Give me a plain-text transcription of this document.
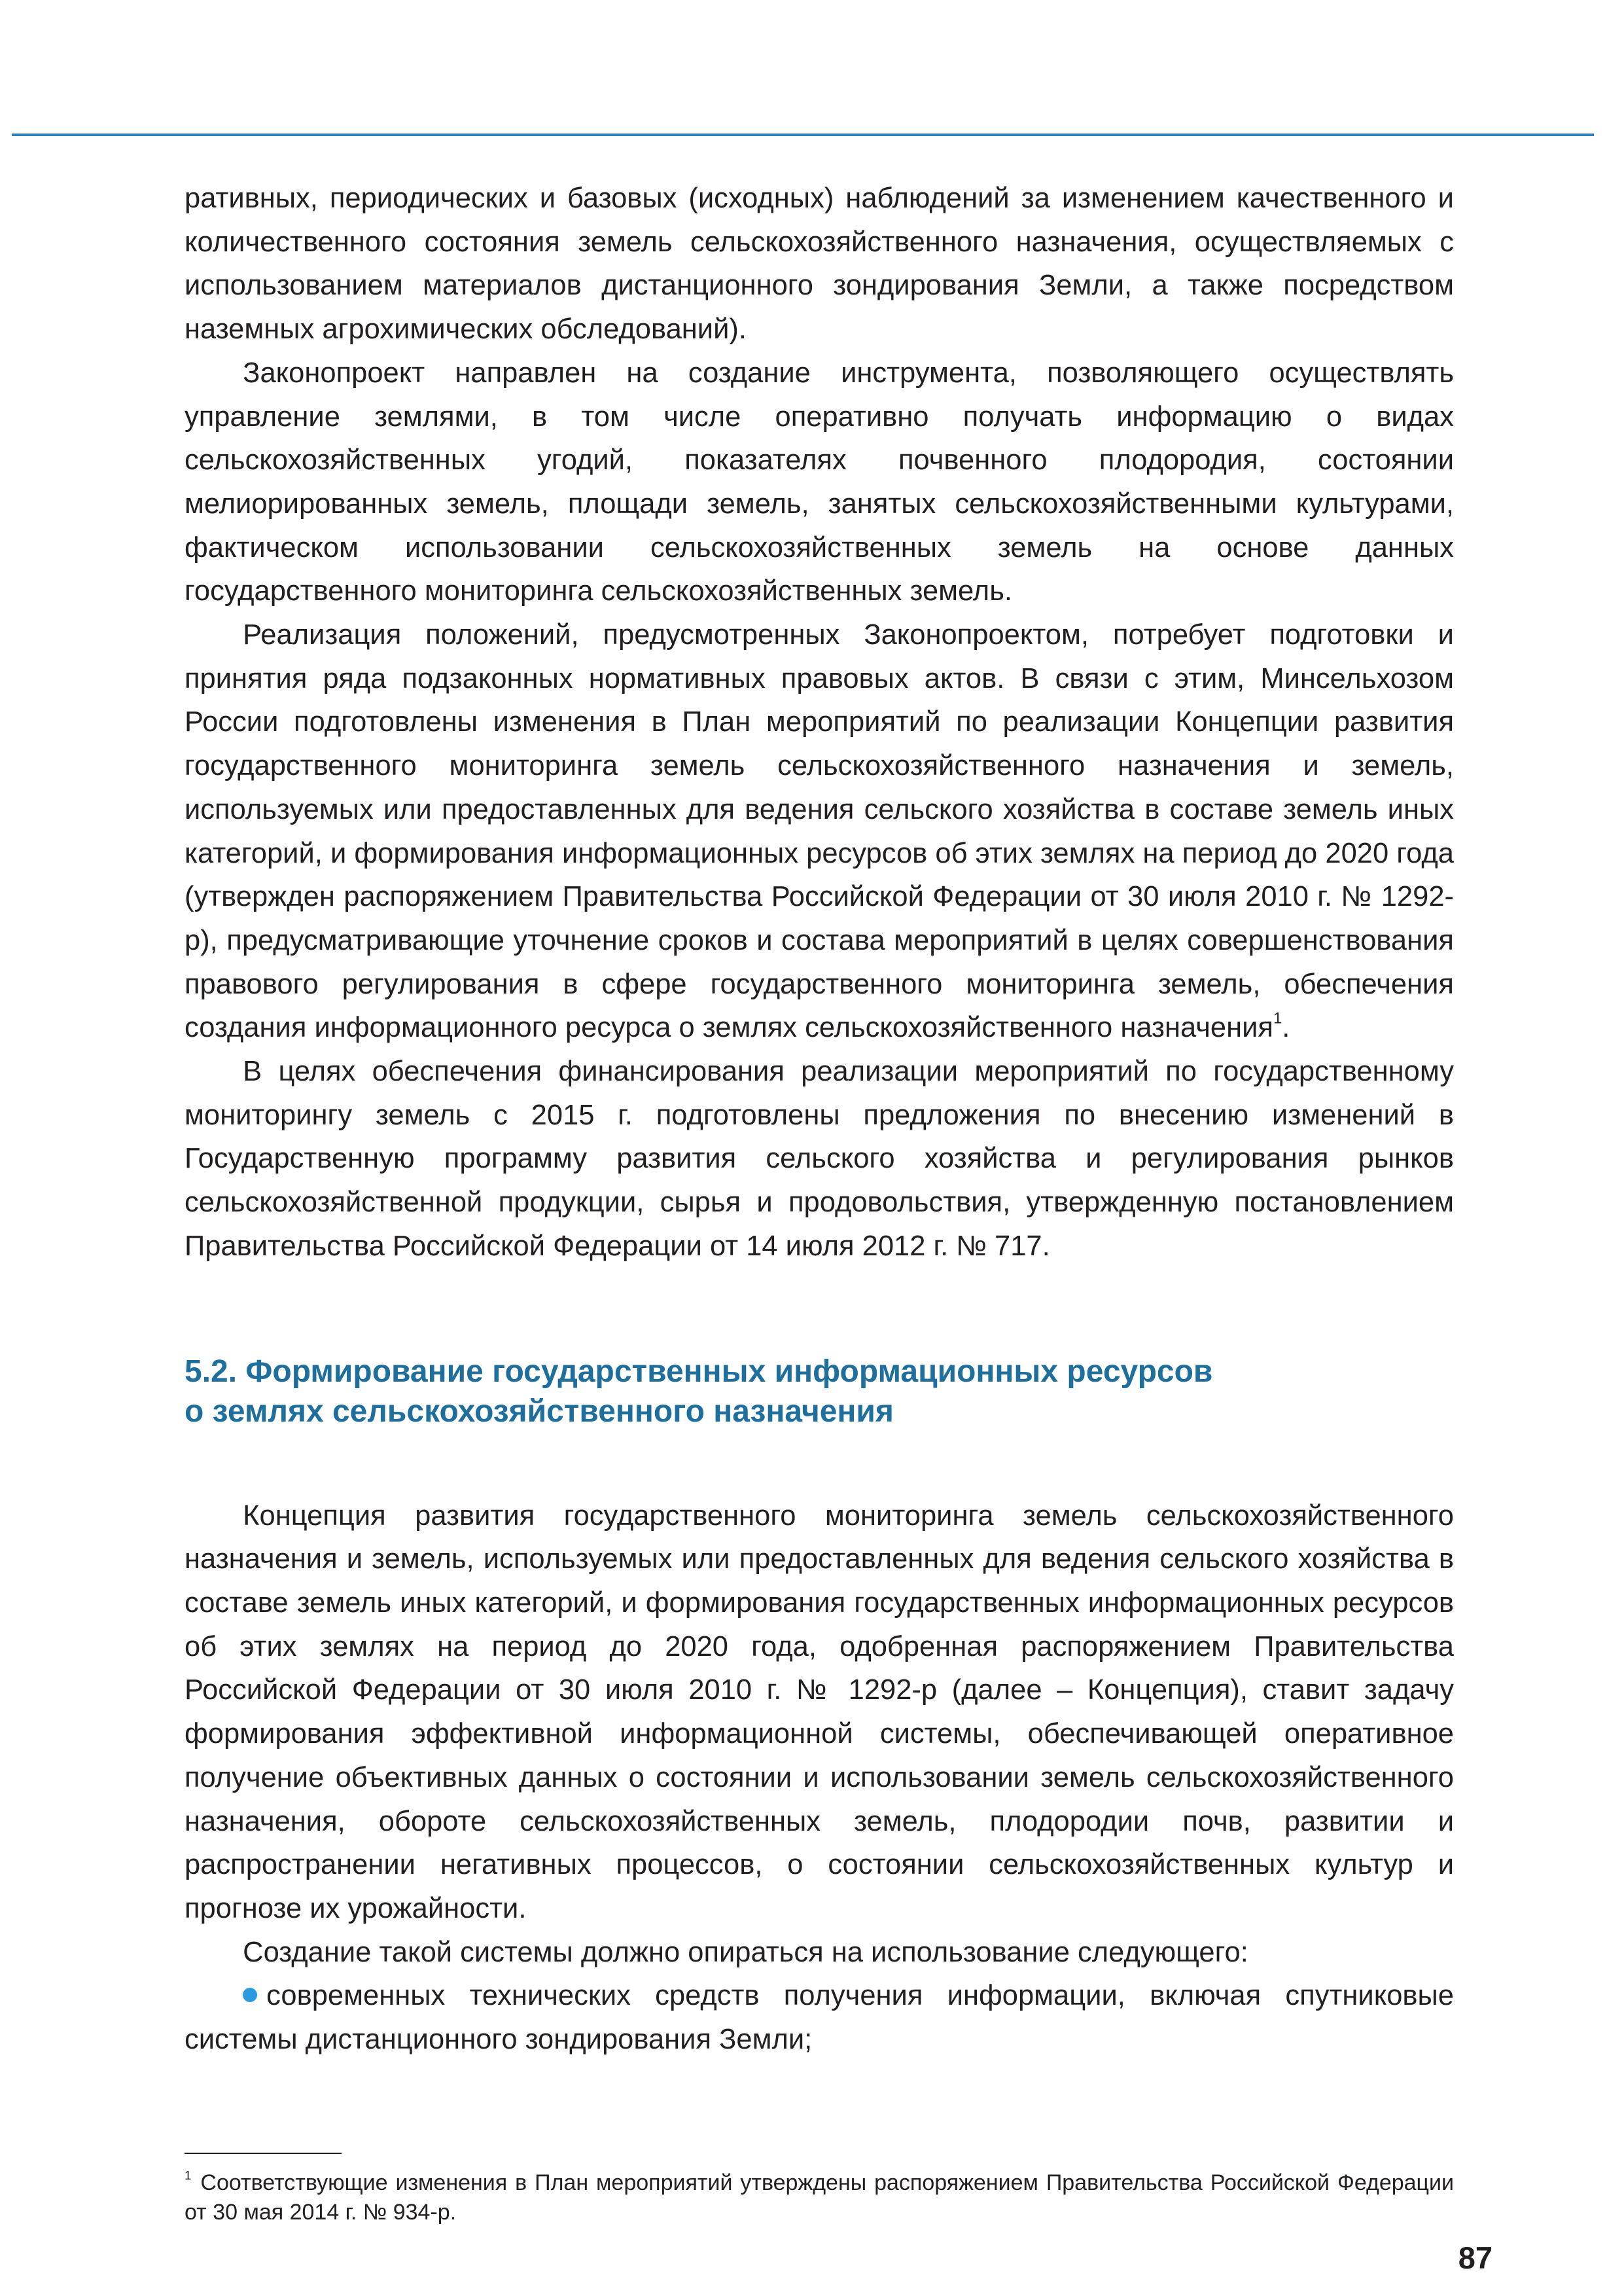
ративных, периодических и базовых (исходных) наблюдений за изменением качественного и количественного состояния земель сельскохозяйственного назначения, осуществляемых с использованием материалов дистанционного зондирования Земли, а также посредством наземных агрохимических обследований).

Законопроект направлен на создание инструмента, позволяющего осуществлять управление землями, в том числе оперативно получать информацию о видах сельскохозяйственных угодий, показателях почвенного плодородия, состоянии мелиорированных земель, площади земель, занятых сельскохозяйственными культурами, фактическом использовании сельскохозяйственных земель на основе данных государственного мониторинга сельскохозяйственных земель.

Реализация положений, предусмотренных Законопроектом, потребует подготовки и принятия ряда подзаконных нормативных правовых актов. В связи с этим, Минсельхозом России подготовлены изменения в План мероприятий по реализации Концепции развития государственного мониторинга земель сельскохозяйственного назначения и земель, используемых или предоставленных для ведения сельского хозяйства в составе земель иных категорий, и формирования информационных ресурсов об этих землях на период до 2020 года (утвержден распоряжением Правительства Российской Федерации от 30 июля 2010 г. № 1292-р), предусматривающие уточнение сроков и состава мероприятий в целях совершенствования правового регулирования в сфере государственного мониторинга земель, обеспечения создания информационного ресурса о землях сельскохозяйственного назначения$^1$.

В целях обеспечения финансирования реализации мероприятий по государственному мониторингу земель с 2015 г. подготовлены предложения по внесению изменений в Государственную программу развития сельского хозяйства и регулирования рынков сельскохозяйственной продукции, сырья и продовольствия, утвержденную постановлением Правительства Российской Федерации от 14 июля 2012 г. № 717.

5.2. Формирование государственных информационных ресурсов
о землях сельскохозяйственного назначения

Концепция развития государственного мониторинга земель сельскохозяйственного назначения и земель, используемых или предоставленных для ведения сельского хозяйства в составе земель иных категорий, и формирования государственных информационных ресурсов об этих землях на период до 2020 года, одобренная распоряжением Правительства Российской Федерации от 30 июля 2010 г. № 1292-р (далее – Концепция), ставит задачу формирования эффективной информационной системы, обеспечивающей оперативное получение объективных данных о состоянии и использовании земель сельскохозяйственного назначения, обороте сельскохозяйственных земель, плодородии почв, развитии и распространении негативных процессов, о состоянии сельскохозяйственных культур и прогнозе их урожайности.

Создание такой системы должно опираться на использование следующего:

современных технических средств получения информации, включая спутниковые системы дистанционного зондирования Земли;

$^1$ Соответствующие изменения в План мероприятий утверждены распоряжением Правительства Российской Федерации от 30 мая 2014 г. № 934-р.

87
